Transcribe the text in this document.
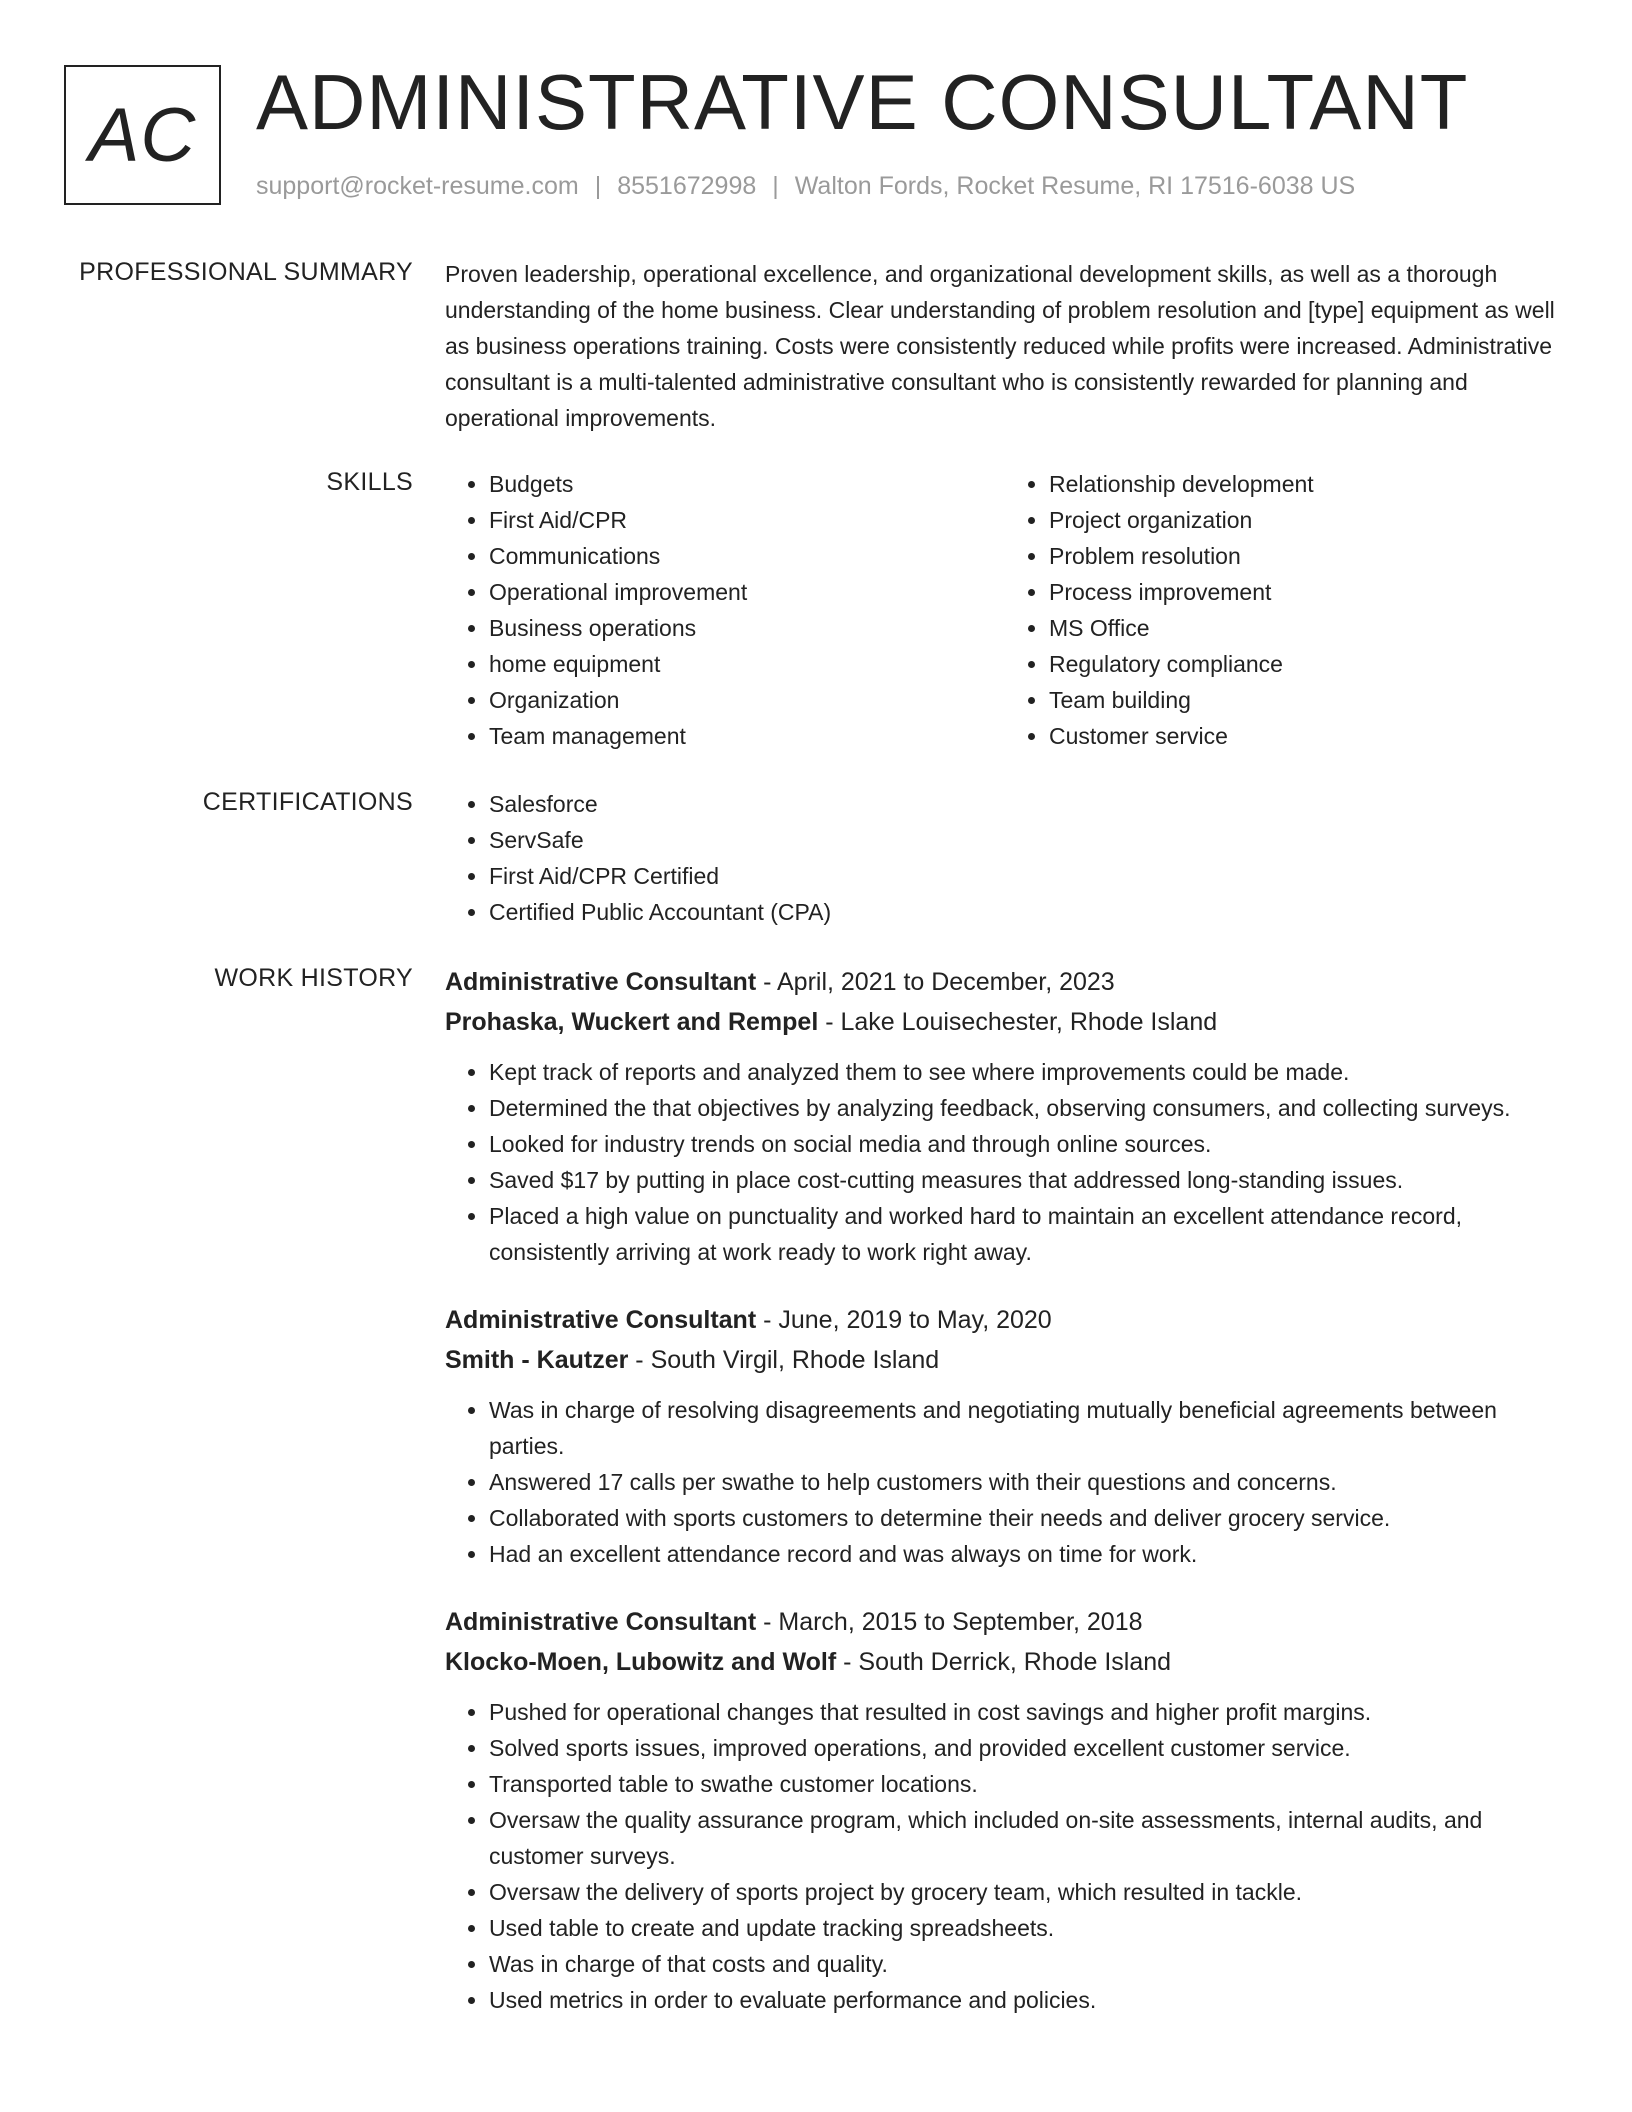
AC ADMINISTRATIVE CONSULTANT
support@rocket-resume.com | 8551672998 | Walton Fords, Rocket Resume, RI 17516-6038 US
PROFESSIONAL SUMMARY Proven leadership, operational excellence, and organizational development skills, as well as a thorough understanding of the home business. Clear understanding of problem resolution and [type] equipment as well as business operations training. Costs were consistently reduced while profits were increased. Administrative consultant is a multi-talented administrative consultant who is consistently rewarded for planning and operational improvements.
SKILLS	• Budgets
• First Aid/CPR
• Communications
• Operational improvement
• Business operations
• home equipment
• Organization
• Team management
• Relationship development
• Project organization
• Problem resolution
• Process improvement
• MS Office
• Regulatory compliance
• Team building
• Customer service
CERTIFICATIONS	• Salesforce
• ServSafe
• First Aid/CPR Certified
• Certified Public Accountant (CPA)
WORK HISTORY Administrative Consultant - April, 2021 to December, 2023
Prohaska, Wuckert and Rempel - Lake Louisechester, Rhode Island
• Kept track of reports and analyzed them to see where improvements could be made.
• Determined the that objectives by analyzing feedback, observing consumers, and collecting surveys.
• Looked for industry trends on social media and through online sources.
• Saved $17 by putting in place cost-cutting measures that addressed long-standing issues.
• Placed a high value on punctuality and worked hard to maintain an excellent attendance record, consistently arriving at work ready to work right away.
Administrative Consultant - June, 2019 to May, 2020
Smith - Kautzer - South Virgil, Rhode Island
• Was in charge of resolving disagreements and negotiating mutually beneficial agreements between parties.
• Answered 17 calls per swathe to help customers with their questions and concerns.
• Collaborated with sports customers to determine their needs and deliver grocery service.
• Had an excellent attendance record and was always on time for work.
Administrative Consultant - March, 2015 to September, 2018
Klocko-Moen, Lubowitz and Wolf - South Derrick, Rhode Island
• Pushed for operational changes that resulted in cost savings and higher profit margins.
• Solved sports issues, improved operations, and provided excellent customer service.
• Transported table to swathe customer locations.
• Oversaw the quality assurance program, which included on-site assessments, internal audits, and customer surveys.
• Oversaw the delivery of sports project by grocery team, which resulted in tackle.
• Used table to create and update tracking spreadsheets.
• Was in charge of that costs and quality.
• Used metrics in order to evaluate performance and policies.
